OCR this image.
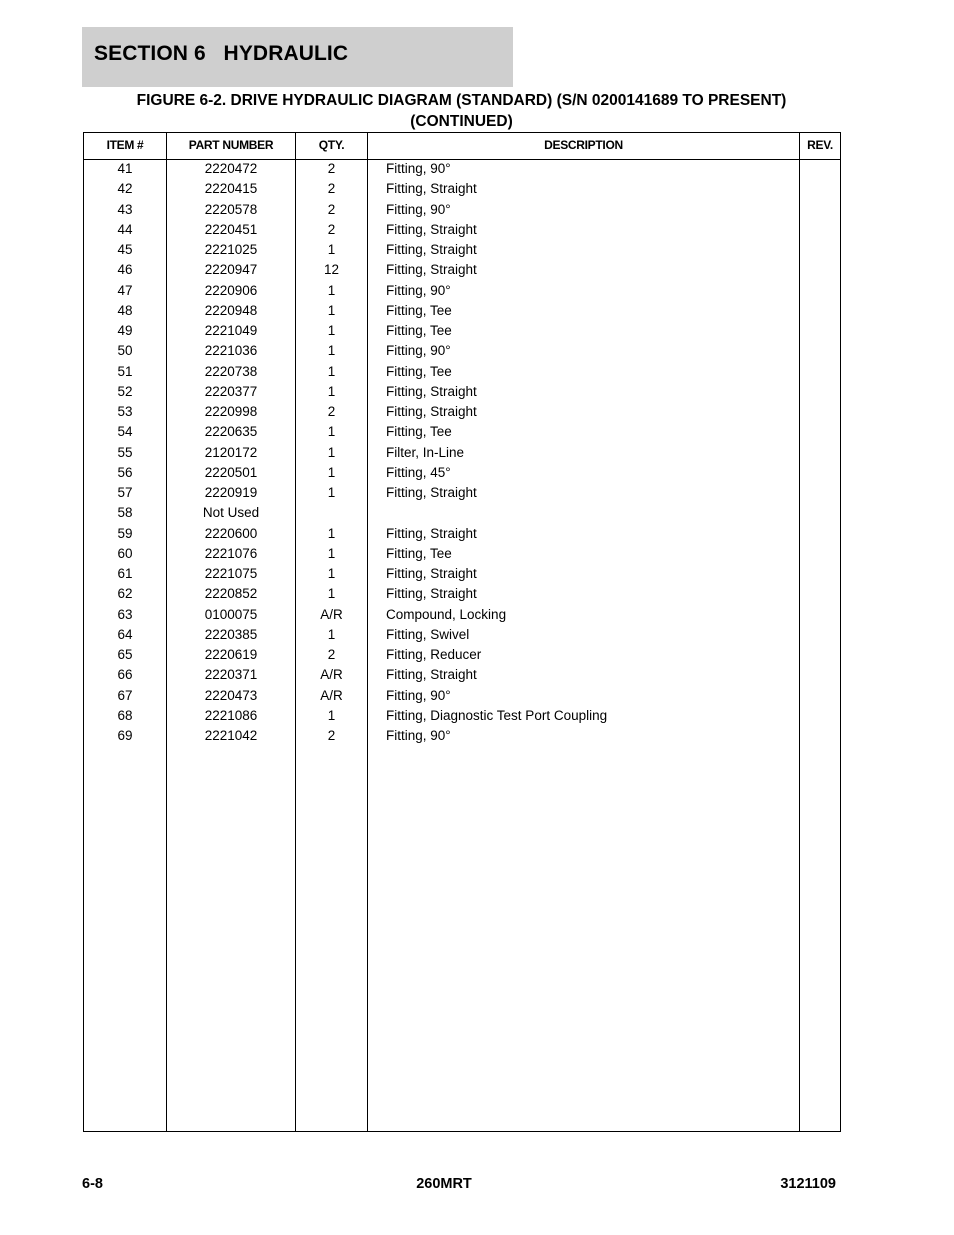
SECTION 6   HYDRAULIC
FIGURE 6-2. DRIVE HYDRAULIC DIAGRAM (STANDARD) (S/N 0200141689 TO PRESENT)
(CONTINUED)
ITEM #	PART NUMBER	QTY.	DESCRIPTION	REV.
41	2220472	2	Fitting, 90°
42	2220415	2	Fitting, Straight
43	2220578	2	Fitting, 90°
44	2220451	2	Fitting, Straight
45	2221025	1	Fitting, Straight
46	2220947	12	Fitting, Straight
47	2220906	1	Fitting, 90°
48	2220948	1	Fitting, Tee
49	2221049	1	Fitting, Tee
50	2221036	1	Fitting, 90°
51	2220738	1	Fitting, Tee
52	2220377	1	Fitting, Straight
53	2220998	2	Fitting, Straight
54	2220635	1	Fitting, Tee
55	2120172	1	Filter, In-Line
56	2220501	1	Fitting, 45°
57	2220919	1	Fitting, Straight
58	Not Used
59	2220600	1	Fitting, Straight
60	2221076	1	Fitting, Tee
61	2221075	1	Fitting, Straight
62	2220852	1	Fitting, Straight
63	0100075	A/R	Compound, Locking
64	2220385	1	Fitting, Swivel
65	2220619	2	Fitting, Reducer
66	2220371	A/R	Fitting, Straight
67	2220473	A/R	Fitting, 90°
68	2221086	1	Fitting, Diagnostic Test Port Coupling
69	2221042	2	Fitting, 90°
6-8	260MRT	3121109
